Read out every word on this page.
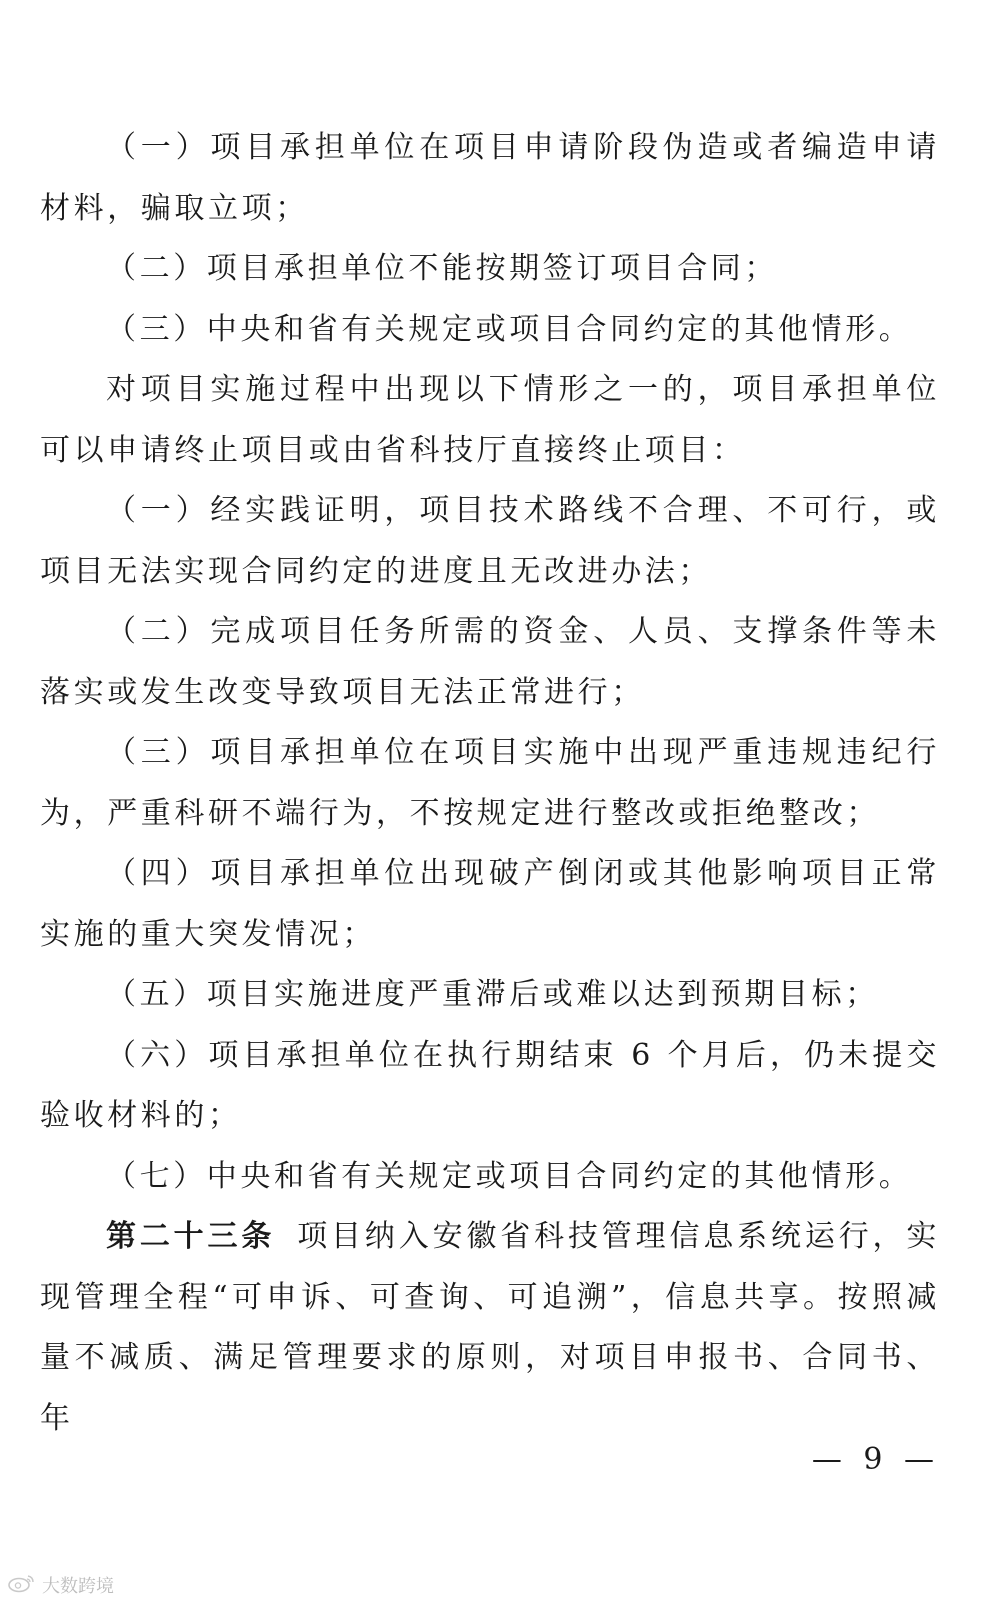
（一）项目承担单位在项目申请阶段伪造或者编造申请材料，骗取立项；

（二）项目承担单位不能按期签订项目合同；

（三）中央和省有关规定或项目合同约定的其他情形。

对项目实施过程中出现以下情形之一的，项目承担单位可以申请终止项目或由省科技厅直接终止项目：

（一）经实践证明，项目技术路线不合理、不可行，或项目无法实现合同约定的进度且无改进办法；

（二）完成项目任务所需的资金、人员、支撑条件等未落实或发生改变导致项目无法正常进行；

（三）项目承担单位在项目实施中出现严重违规违纪行为，严重科研不端行为，不按规定进行整改或拒绝整改；

（四）项目承担单位出现破产倒闭或其他影响项目正常实施的重大突发情况；

（五）项目实施进度严重滞后或难以达到预期目标；

（六）项目承担单位在执行期结束 6 个月后，仍未提交验收材料的；

（七）中央和省有关规定或项目合同约定的其他情形。

第二十三条 项目纳入安徽省科技管理信息系统运行，实现管理全程“可申诉、可查询、可追溯”，信息共享。按照减量不减质、满足管理要求的原则，对项目申报书、合同书、年

— 9 —
大数跨境
